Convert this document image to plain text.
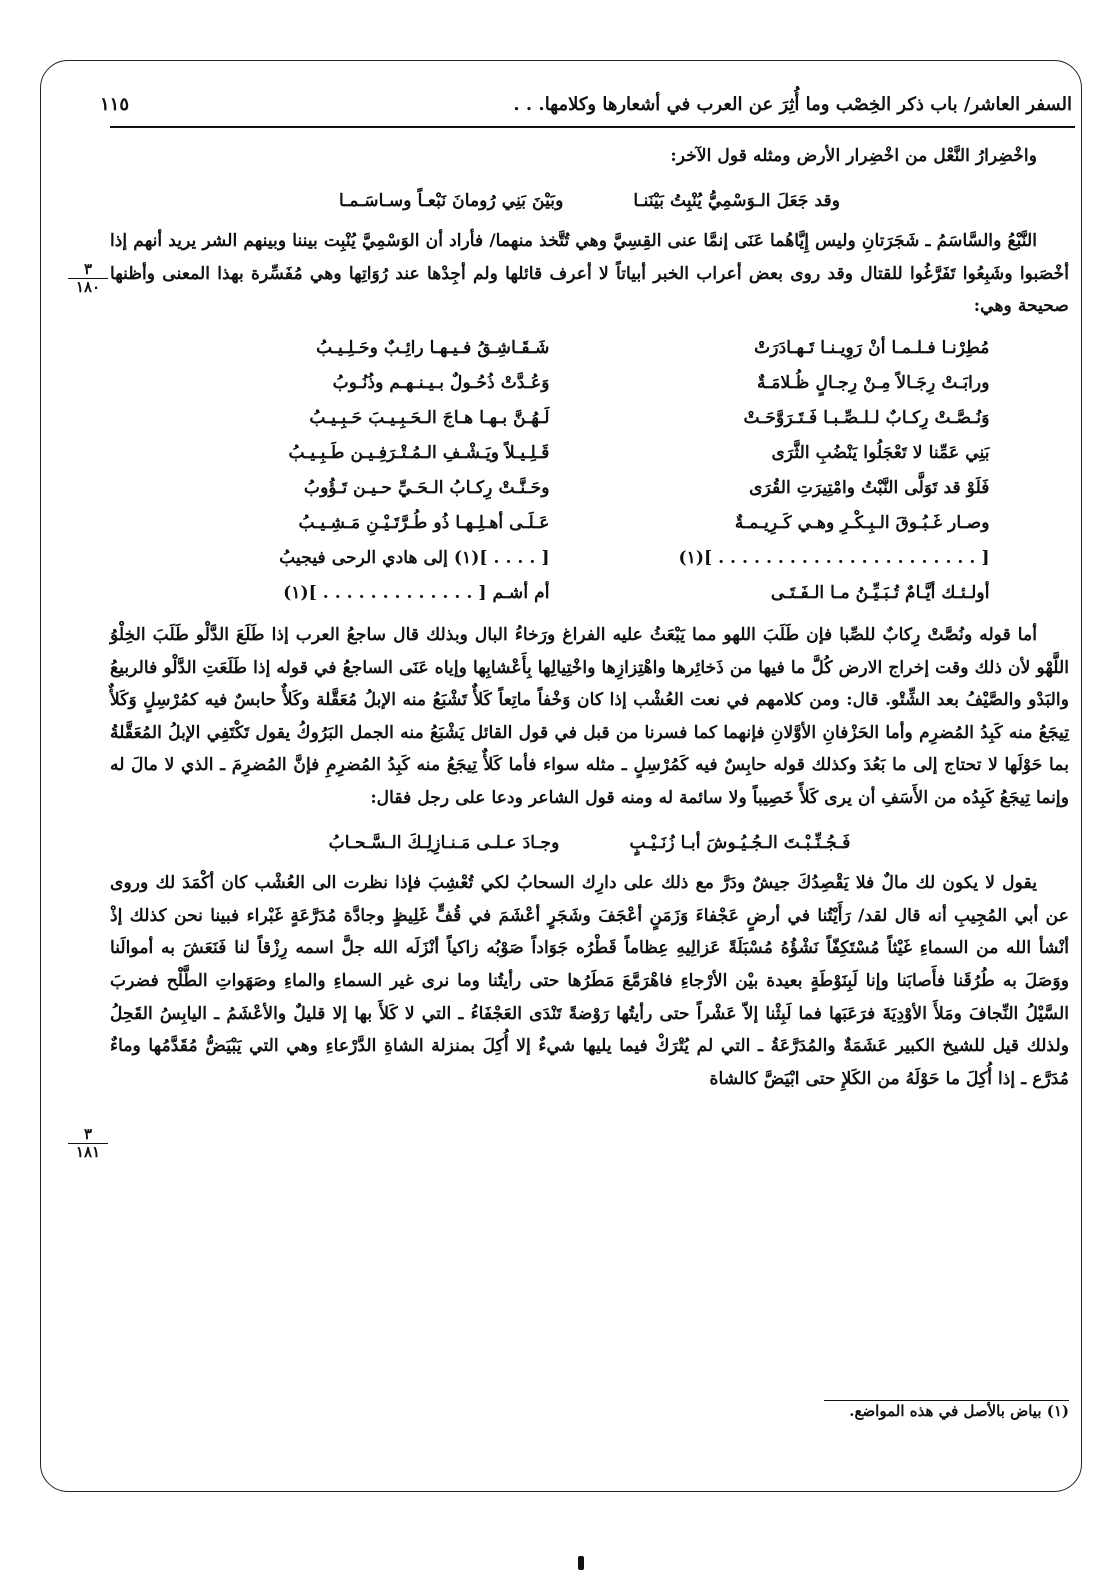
السفر العاشر/ باب ذكر الخِصْب وما أُثِرَ عن العرب في أشعارها وكلامها. . .
١١٥
٣
١٨٠
٣
١٨١

واخْضِرارُ النَّعْل من اخْضِرار الأرض ومثله قول الآخر:

وقد جَعَلَ الـوَسْمِيُّ يُنْبِتُ بَيْنَنـا
وبَيْنَ بَنِي رُومانَ نَبْعـاً وسـاسَـمـا

النَّبْعُ والسَّاسَمُ ـ شَجَرَتانِ وليس إِيَّاهُما عَنَى إنمَّا عنى القِسِيَّ وهي تُتَّخذ منهما/ فأراد أن الوَسْمِيَّ يُنْبِت بيننا وبينهم الشر يريد أنهم إذا أخْصَبوا وشَبِعُوا تَفَرَّغُوا للقتال وقد روى بعض أعراب الخبر أبياتاً لا أعرف قائلها ولم أجِدْها عند رُوَاتِها وهي مُفَسِّرة بهذا المعنى وأظنها صحيحة وهي:

مُطِرْنـا فـلـمـا أنْ رَوِيـنـا تَـهـادَرَتْ
شَـقَـاشِـقُ فـيـهـا رائِـبٌ وحَـلِـيـبُ
ورابَـتْ رِجَـالاً مِـنْ رِجـالٍ ظُـلامَـةٌ
وَعُـدَّتْ ذُحُـولٌ بـيـنـهـم وذُنُـوبُ
وَنُـصَّـتْ رِكـابٌ لـلـصِّـبـا فَـتَـرَوَّحَـتْ
لَـهُـنَّ بـهـا هـاجَ الـحَـبِـيـبَ حَـبِـيـبُ
بَنِي عَمِّنا لا تَعْجَلُوا يَنْضُبِ الثَّرَى
قَـلِـيـلاً ويَـشْـفِ الـمُـتْـرَفِـيـن طَـبِـيـبُ
فَلَوْ قد تَوَلَّى النَّبْتُ وامْتِيرَتِ القُرَى
وحَـنَّـتْ رِكـابُ الـحَـيِّ حـيـن تَـؤُوبُ
وصـار غَـبُـوقَ الـبِـكْـرِ وهـي كَـرِيـمـةٌ
عَـلَـى أهـلِـهـا ذُو طُـرَّتَـيْـنِ مَـشِـيـبُ
[ . . . . . . . . . . . . . . . . . . . . . . ](١)
[ . . . . ](١) إلى هادي الرحى فيجيبُ
أولـئـك أيَّـامٌ تُـبَـيِّـنُ مـا الـفَـتَـى
أم أشـم [ . . . . . . . . . . . . . ](١)

أما قوله ونُصَّتْ رِكابٌ للصِّبا فإن طَلَبَ اللهو مما يَبْعَثُ عليه الفراغ ورَخاءُ البال وبذلك قال ساجعُ العرب إذا طَلَعَ الدَّلْو طَلَبَ الخِلْوُ اللَّهْو لأن ذلك وقت إخراج الارض كُلَّ ما فيها من ذَخائِرها واهْتِزازِها واخْتِيالِها بِأَعْشابِها وإياه عَنَى الساجعُ في قوله إذا طَلَعَتِ الدَّلْو فالربيعُ والبَدْو والصَّيْفُ بعد الشِّتْو. قال: ومن كلامهم في نعت العُشْب إذا كان وَخْفاً ماتِعاً كَلأٌ تَشْبَعُ منه الإبلُ مُعَقَّلة وكَلأٌ حابسٌ فيه كمُرْسِلٍ وَكَلأٌ تِيجَعُ منه كَبِدُ المُضرِم وأما الحَزْفانِ الأوَّلانِ فإنهما كما فسرنا من قبل في قول القائل يَشْبَعُ منه الجمل البَرُوكُ يقول تَكْتَفِي الإبلُ المُعَقَّلةُ بما حَوْلَها لا تحتاج إلى ما بَعُدَ وكذلك قوله حابِسٌ فيه كَمُرْسِلٍ ـ مثله سواء فأما كَلأٌ تِيجَعُ منه كَبِدُ المُضرِمِ فإنَّ المُضرِمَ ـ الذي لا مالَ له وإنما تِيجَعُ كَبِدُه من الأَسَفِ أن يرى كَلأً خَصِيباً ولا سائمة له ومنه قول الشاعر ودعا على رجل فقال:

فَـجُـنِّـبْـتَ الـجُـيُـوشَ أبـا زُنَـيْـبٍ
وجـادَ عـلـى مَـنـازِلِـكَ الـسَّـحـابُ

يقول لا يكون لك مالٌ فلا يَقْصِدُكَ جيشٌ ودَرَّ مع ذلك على دارِك السحابُ لكي تُعْشِبَ فإذا نظرت الى العُشْب كان أكْمَدَ لك وروى عن أبي المُجِيبِ أنه قال لقد/ رَأَيْتُنا في أرضٍ عَجْفاءَ وَزَمَنٍ أعْجَفَ وشَجَرٍ أعْشَمَ في قُفٍّ غَلِيظٍ وجادَّة مُدَرَّعَةٍ غَبْراء فبينا نحن كذلك إذْ أنْشأ الله من السماءِ غَيْثاً مُسْتَكِفّاً نَشْؤُهُ مُسْبَلَةً عَزالِيهِ عِظاماً قَطْرُه جَوَاداً صَوْبُه زاكياً أنْزَلَه الله جلَّ اسمه رِزْقاً لنا فَنَعَشَ به أموالَنا ووَصَلَ به طُرُقَنا فأَصابَنا وإنا لَبِنَوْطَةٍ بعيدة بيْن الأرْجاءِ فاهْرَمَّعَ مَطَرُها حتى رأيتُنا وما نرى غير السماءِ والماءِ وصَهَواتِ الطَّلْح فضربَ السَّيْلُ النِّجافَ ومَلأَ الأوْدِيَةَ فرَعَبَها فما لَبِثْنا إلاّ عَشْراً حتى رأيتُها رَوْضةً تَنْدَى العَجْفَاءُ ـ التي لا كَلأَ بها إلا قليلٌ والأعْشَمُ ـ اليابِسُ القَحِلُ ولذلك قيل للشيخ الكبير عَشَمَةٌ والمُدَرَّعَةُ ـ التي لم يُتْرَكْ فيما يليها شيءٌ إلا أُكِلَ بمنزلة الشاةِ الدَّرْعاءِ وهي التي يَبْيَضُّ مُقَدَّمُها وماءٌ مُدَرَّع ـ إذا أُكِلَ ما حَوْلَهُ من الكَلإِ حتى ابْيَضَّ كالشاة

(١) بياض بالأصل في هذه المواضع.
